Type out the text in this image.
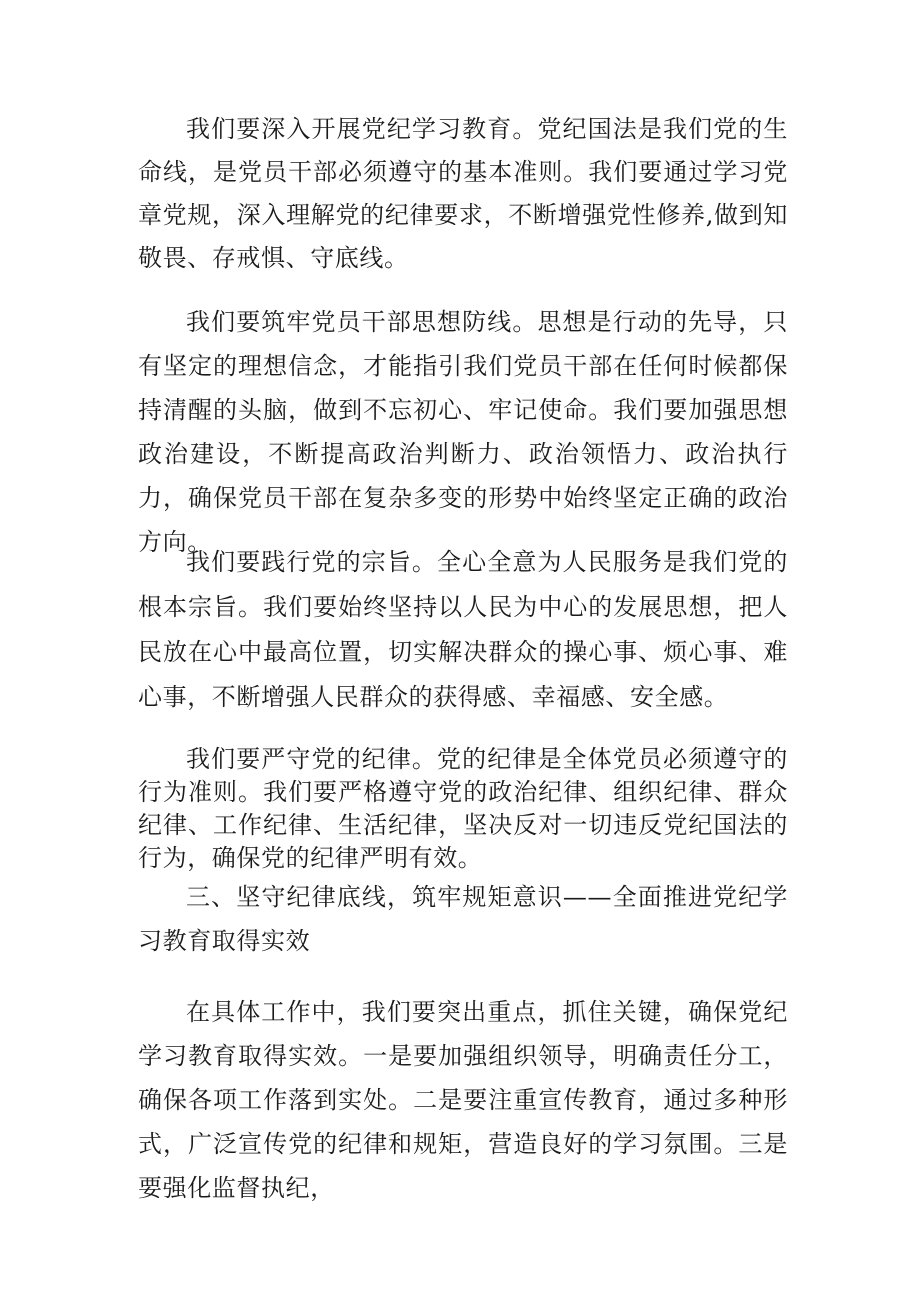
我们要深入开展党纪学习教育。党纪国法是我们党的生命线，是党员干部必须遵守的基本准则。我们要通过学习党章党规，深入理解党的纪律要求，不断增强党性修养,做到知敬畏、存戒惧、守底线。

我们要筑牢党员干部思想防线。思想是行动的先导，只有坚定的理想信念，才能指引我们党员干部在任何时候都保持清醒的头脑，做到不忘初心、牢记使命。我们要加强思想政治建设，不断提高政治判断力、政治领悟力、政治执行力，确保党员干部在复杂多变的形势中始终坚定正确的政治方向。

我们要践行党的宗旨。全心全意为人民服务是我们党的根本宗旨。我们要始终坚持以人民为中心的发展思想，把人民放在心中最高位置，切实解决群众的操心事、烦心事、难心事，不断增强人民群众的获得感、幸福感、安全感。

我们要严守党的纪律。党的纪律是全体党员必须遵守的行为准则。我们要严格遵守党的政治纪律、组织纪律、群众纪律、工作纪律、生活纪律，坚决反对一切违反党纪国法的行为，确保党的纪律严明有效。

三、坚守纪律底线，筑牢规矩意识——全面推进党纪学习教育取得实效

在具体工作中，我们要突出重点，抓住关键，确保党纪学习教育取得实效。一是要加强组织领导，明确责任分工，确保各项工作落到实处。二是要注重宣传教育，通过多种形式，广泛宣传党的纪律和规矩，营造良好的学习氛围。三是要强化监督执纪，
